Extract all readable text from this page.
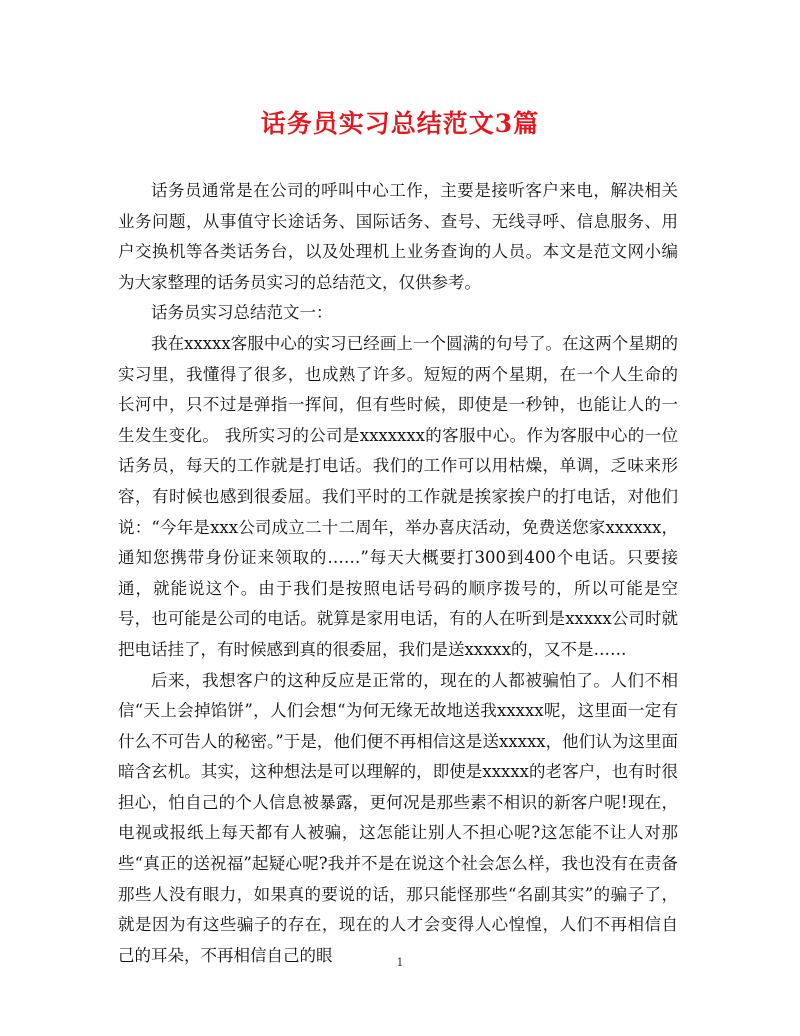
话务员实习总结范文3篇

话务员通常是在公司的呼叫中心工作，主要是接听客户来电，解决相关业务问题，从事值守长途话务、国际话务、查号、无线寻呼、信息服务、用户交换机等各类话务台，以及处理机上业务查询的人员。本文是范文网小编为大家整理的话务员实习的总结范文，仅供参考。

话务员实习总结范文一：

我在xxxxx客服中心的实习已经画上一个圆满的句号了。在这两个星期的实习里，我懂得了很多，也成熟了许多。短短的两个星期，在一个人生命的长河中，只不过是弹指一挥间，但有些时候，即使是一秒钟，也能让人的一生发生变化。 我所实习的公司是xxxxxxx的客服中心。作为客服中心的一位话务员，每天的工作就是打电话。我们的工作可以用枯燥，单调，乏味来形容，有时候也感到很委屈。我们平时的工作就是挨家挨户的打电话，对他们说：“今年是xxx公司成立二十二周年，举办喜庆活动，免费送您家xxxxxx，通知您携带身份证来领取的……”每天大概要打300到400个电话。只要接通，就能说这个。由于我们是按照电话号码的顺序拨号的，所以可能是空号，也可能是公司的电话。就算是家用电话，有的人在听到是xxxxx公司时就把电话挂了，有时候感到真的很委屈，我们是送xxxxx的，又不是……

后来，我想客户的这种反应是正常的，现在的人都被骗怕了。人们不相信“天上会掉馅饼”，人们会想“为何无缘无故地送我xxxxx呢，这里面一定有什么不可告人的秘密。”于是，他们便不再相信这是送xxxxx，他们认为这里面暗含玄机。其实，这种想法是可以理解的，即使是xxxxx的老客户，也有时很担心，怕自己的个人信息被暴露，更何况是那些素不相识的新客户呢!现在，电视或报纸上每天都有人被骗，这怎能让别人不担心呢?这怎能不让人对那些“真正的送祝福”起疑心呢?我并不是在说这个社会怎么样，我也没有在责备那些人没有眼力，如果真的要说的话，那只能怪那些“名副其实”的骗子了，就是因为有这些骗子的存在，现在的人才会变得人心惶惶，人们不再相信自己的耳朵，不再相信自己的眼	1
